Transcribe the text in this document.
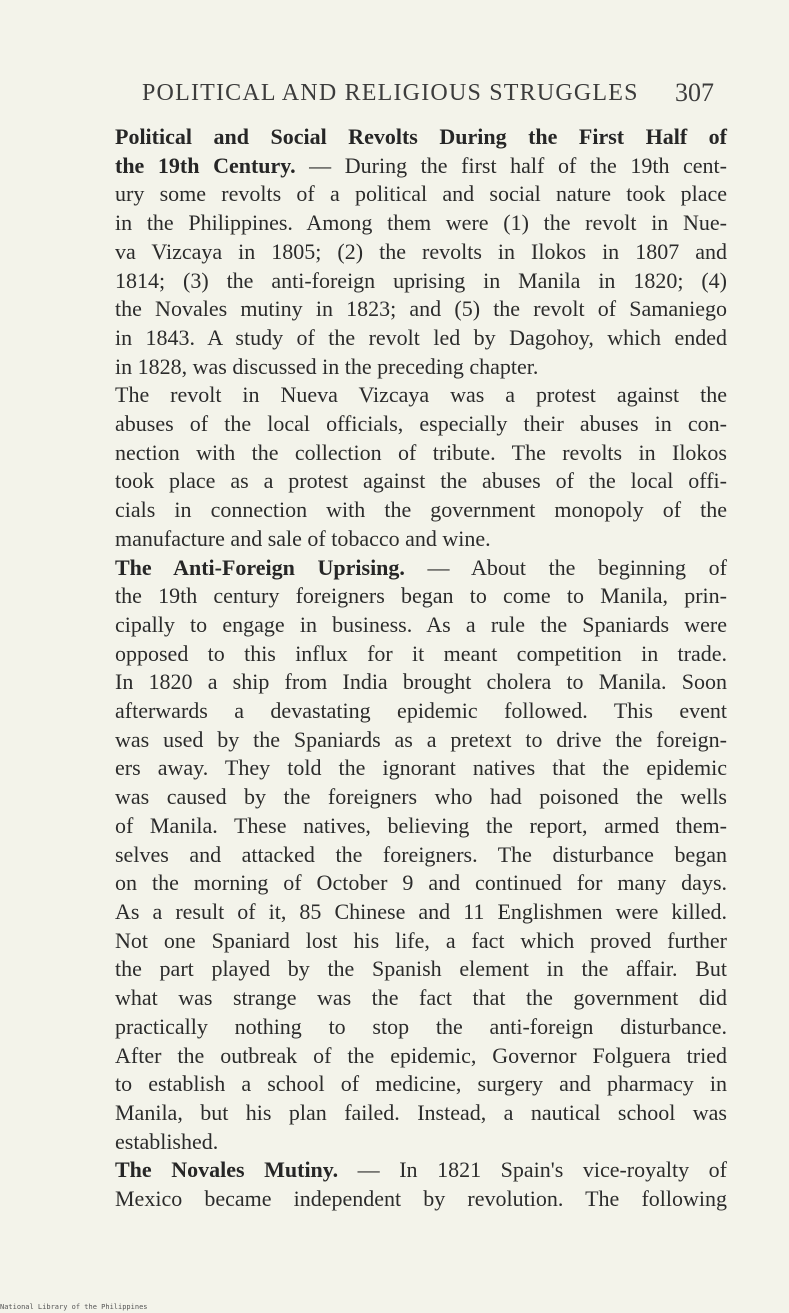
POLITICAL AND RELIGIOUS STRUGGLES 307
Political and Social Revolts During the First Half of
the 19th Century. — During the first half of the 19th cent-
ury some revolts of a political and social nature took place
in the Philippines. Among them were (1) the revolt in Nue-
va Vizcaya in 1805; (2) the revolts in Ilokos in 1807 and
1814; (3) the anti-foreign uprising in Manila in 1820; (4)
the Novales mutiny in 1823; and (5) the revolt of Samaniego
in 1843. A study of the revolt led by Dagohoy, which ended
in 1828, was discussed in the preceding chapter.
The revolt in Nueva Vizcaya was a protest against the
abuses of the local officials, especially their abuses in con-
nection with the collection of tribute. The revolts in Ilokos
took place as a protest against the abuses of the local offi-
cials in connection with the government monopoly of the
manufacture and sale of tobacco and wine.
The Anti-Foreign Uprising. — About the beginning of
the 19th century foreigners began to come to Manila, prin-
cipally to engage in business. As a rule the Spaniards were
opposed to this influx for it meant competition in trade.
In 1820 a ship from India brought cholera to Manila. Soon
afterwards a devastating epidemic followed. This event
was used by the Spaniards as a pretext to drive the foreign-
ers away. They told the ignorant natives that the epidemic
was caused by the foreigners who had poisoned the wells
of Manila. These natives, believing the report, armed them-
selves and attacked the foreigners. The disturbance began
on the morning of October 9 and continued for many days.
As a result of it, 85 Chinese and 11 Englishmen were killed.
Not one Spaniard lost his life, a fact which proved further
the part played by the Spanish element in the affair. But
what was strange was the fact that the government did
practically nothing to stop the anti-foreign disturbance.
After the outbreak of the epidemic, Governor Folguera tried
to establish a school of medicine, surgery and pharmacy in
Manila, but his plan failed. Instead, a nautical school was
established.
The Novales Mutiny. — In 1821 Spain's vice-royalty of
Mexico became independent by revolution. The following
National Library of the Philippines
